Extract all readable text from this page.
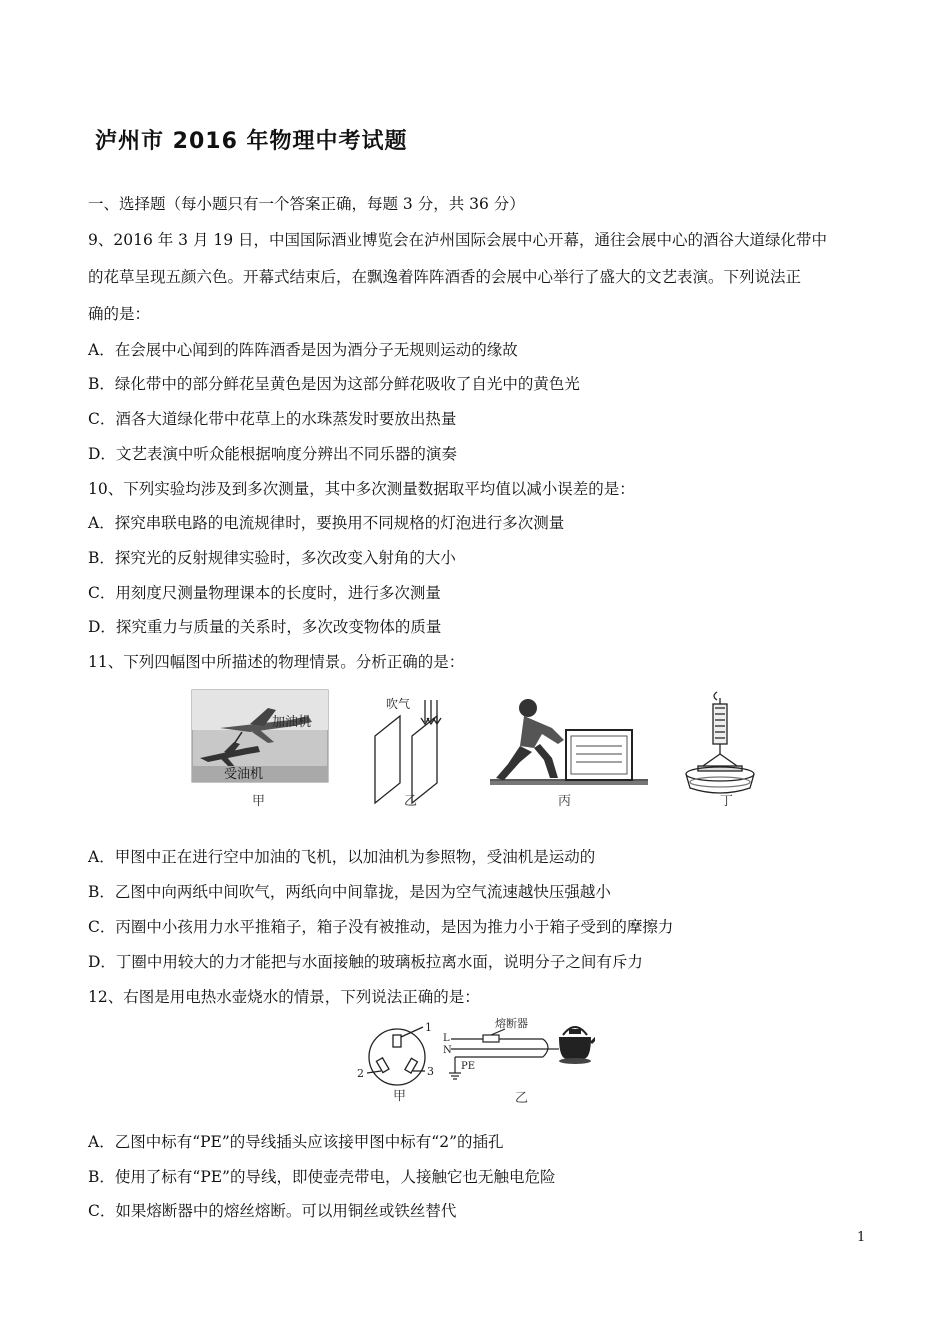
泸州市 2016 年物理中考试题
一、选择题（每小题只有一个答案正确，每题 3 分，共 36 分）
9、2016 年 3 月 19 日，中国国际酒业博览会在泸州国际会展中心开幕，通往会展中心的酒谷大道绿化带中
的花草呈现五颜六色。开幕式结束后，在飘逸着阵阵酒香的会展中心举行了盛大的文艺表演。下列说法正
确的是：
A．在会展中心闻到的阵阵酒香是因为酒分子无规则运动的缘故
B．绿化带中的部分鲜花呈黄色是因为这部分鲜花吸收了自光中的黄色光
C．酒各大道绿化带中花草上的水珠蒸发时要放出热量
D．文艺表演中听众能根据响度分辨出不同乐器的演奏
10、下列实验均涉及到多次测量，其中多次测量数据取平均值以减小误差的是：
A．探究串联电路的电流规律时，要换用不同规格的灯泡进行多次测量
B．探究光的反射规律实验时，多次改变入射角的大小
C．用刻度尺测量物理课本的长度时，进行多次测量
D．探究重力与质量的关系时，多次改变物体的质量
11、下列四幅图中所描述的物理情景。分析正确的是：
加油机
受油机
吹气
甲	乙	丙	丁
A．甲图中正在进行空中加油的飞机，以加油机为参照物，受油机是运动的
B．乙图中向两纸中间吹气，两纸向中间靠拢，是因为空气流速越快压强越小
C．丙圈中小孩用力水平推箱子，箱子没有被推动，是因为推力小于箱子受到的摩擦力
D．丁圈中用较大的力才能把与水面接触的玻璃板拉离水面，说明分子之间有斥力
12、右图是用电热水壶烧水的情景，下列说法正确的是：
1
2	3
L
N
PE
熔断器
甲	乙
A．乙图中标有“PE”的导线插头应该接甲图中标有“2”的插孔
B．使用了标有“PE”的导线，即使壶壳带电，人接触它也无触电危险
C．如果熔断器中的熔丝熔断。可以用铜丝或铁丝替代
1
